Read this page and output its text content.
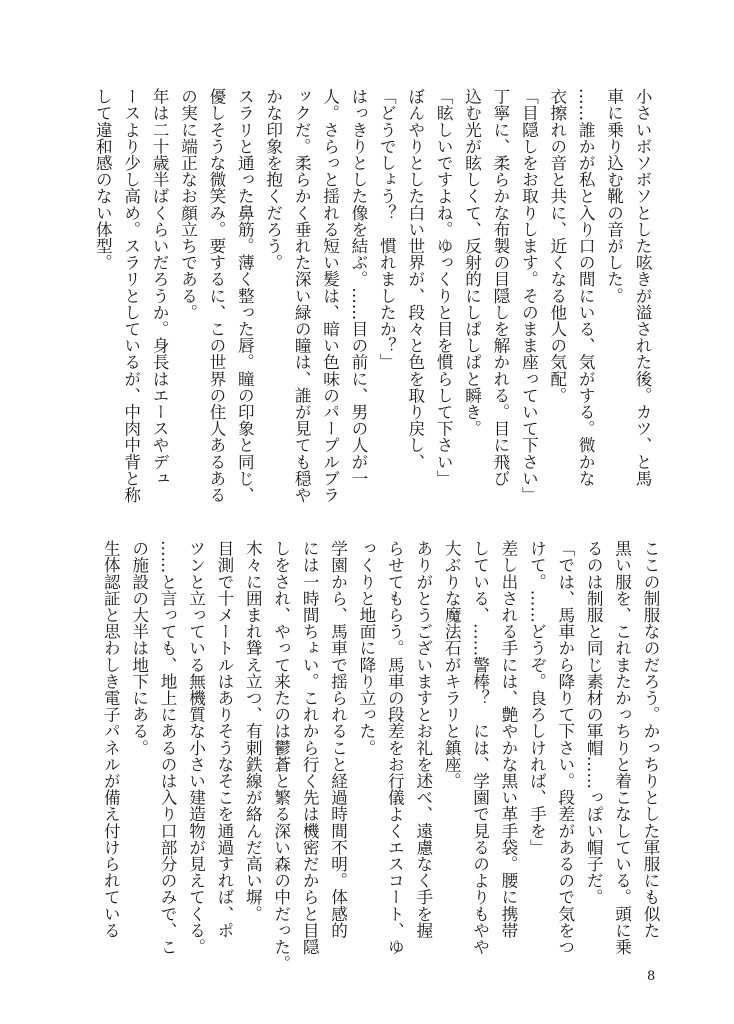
小さいボソボソとした呟きが溢された後。カツ、と馬

車に乗り込む靴の音がした。

……誰かが私と入り口の間にいる、気がする。微かな

衣擦れの音と共に、近くなる他人の気配。

「目隠しをお取りします。そのまま座っていて下さい」

丁寧に、柔らかな布製の目隠しを解かれる。目に飛び

込む光が眩しくて、反射的にしぱしぱと瞬き。

「眩しいですよね。ゆっくりと目を慣らして下さい」

ぼんやりとした白い世界が、段々と色を取り戻し、

「どうでしょう？　慣れましたか？」

はっきりとした像を結ぶ。……目の前に、男の人が一

人。さらっと揺れる短い髪は、暗い色味のパープルブラ

ックだ。柔らかく垂れた深い緑の瞳は、誰が見ても穏や

かな印象を抱くだろう。

スラリと通った鼻筋。薄く整った唇。瞳の印象と同じ、

優しそうな微笑み。要するに、この世界の住人あるある

の実に端正なお顔立ちである。

年は二十歳半ばくらいだろうか。身長はエースやデュ

ースより少し高め。スラリとしているが、中肉中背と称

して違和感のない体型。

ここの制服なのだろう。かっちりとした軍服にも似た

黒い服を、これまたかっちりと着こなしている。頭に乗

るのは制服と同じ素材の軍帽……っぽい帽子だ。

「では、馬車から降りて下さい。段差があるので気をつ

けて。……どうぞ。良ろしければ、手を」

差し出される手には、艶やかな黒い革手袋。腰に携帯

している、……警棒？　には、学園で見るのよりもやや

大ぶりな魔法石がキラリと鎮座。

ありがとうございますとお礼を述べ、遠慮なく手を握

らせてもらう。馬車の段差をお行儀よくエスコート、ゆ

っくりと地面に降り立った。

学園から、馬車で揺られること経過時間不明。体感的

には一時間ちょい。これから行く先は機密だからと目隠

しをされ、やって来たのは鬱蒼と繁る深い森の中だった。

木々に囲まれ聳え立つ、有刺鉄線が絡んだ高い塀。

目測で十メートルはありそうなそこを通過すれば、ポ

ツンと立っている無機質な小さい建造物が見えてくる。

……と言っても、地上にあるのは入り口部分のみで、こ

の施設の大半は地下にある。

生体認証と思わしき電子パネルが備え付けられている

8
